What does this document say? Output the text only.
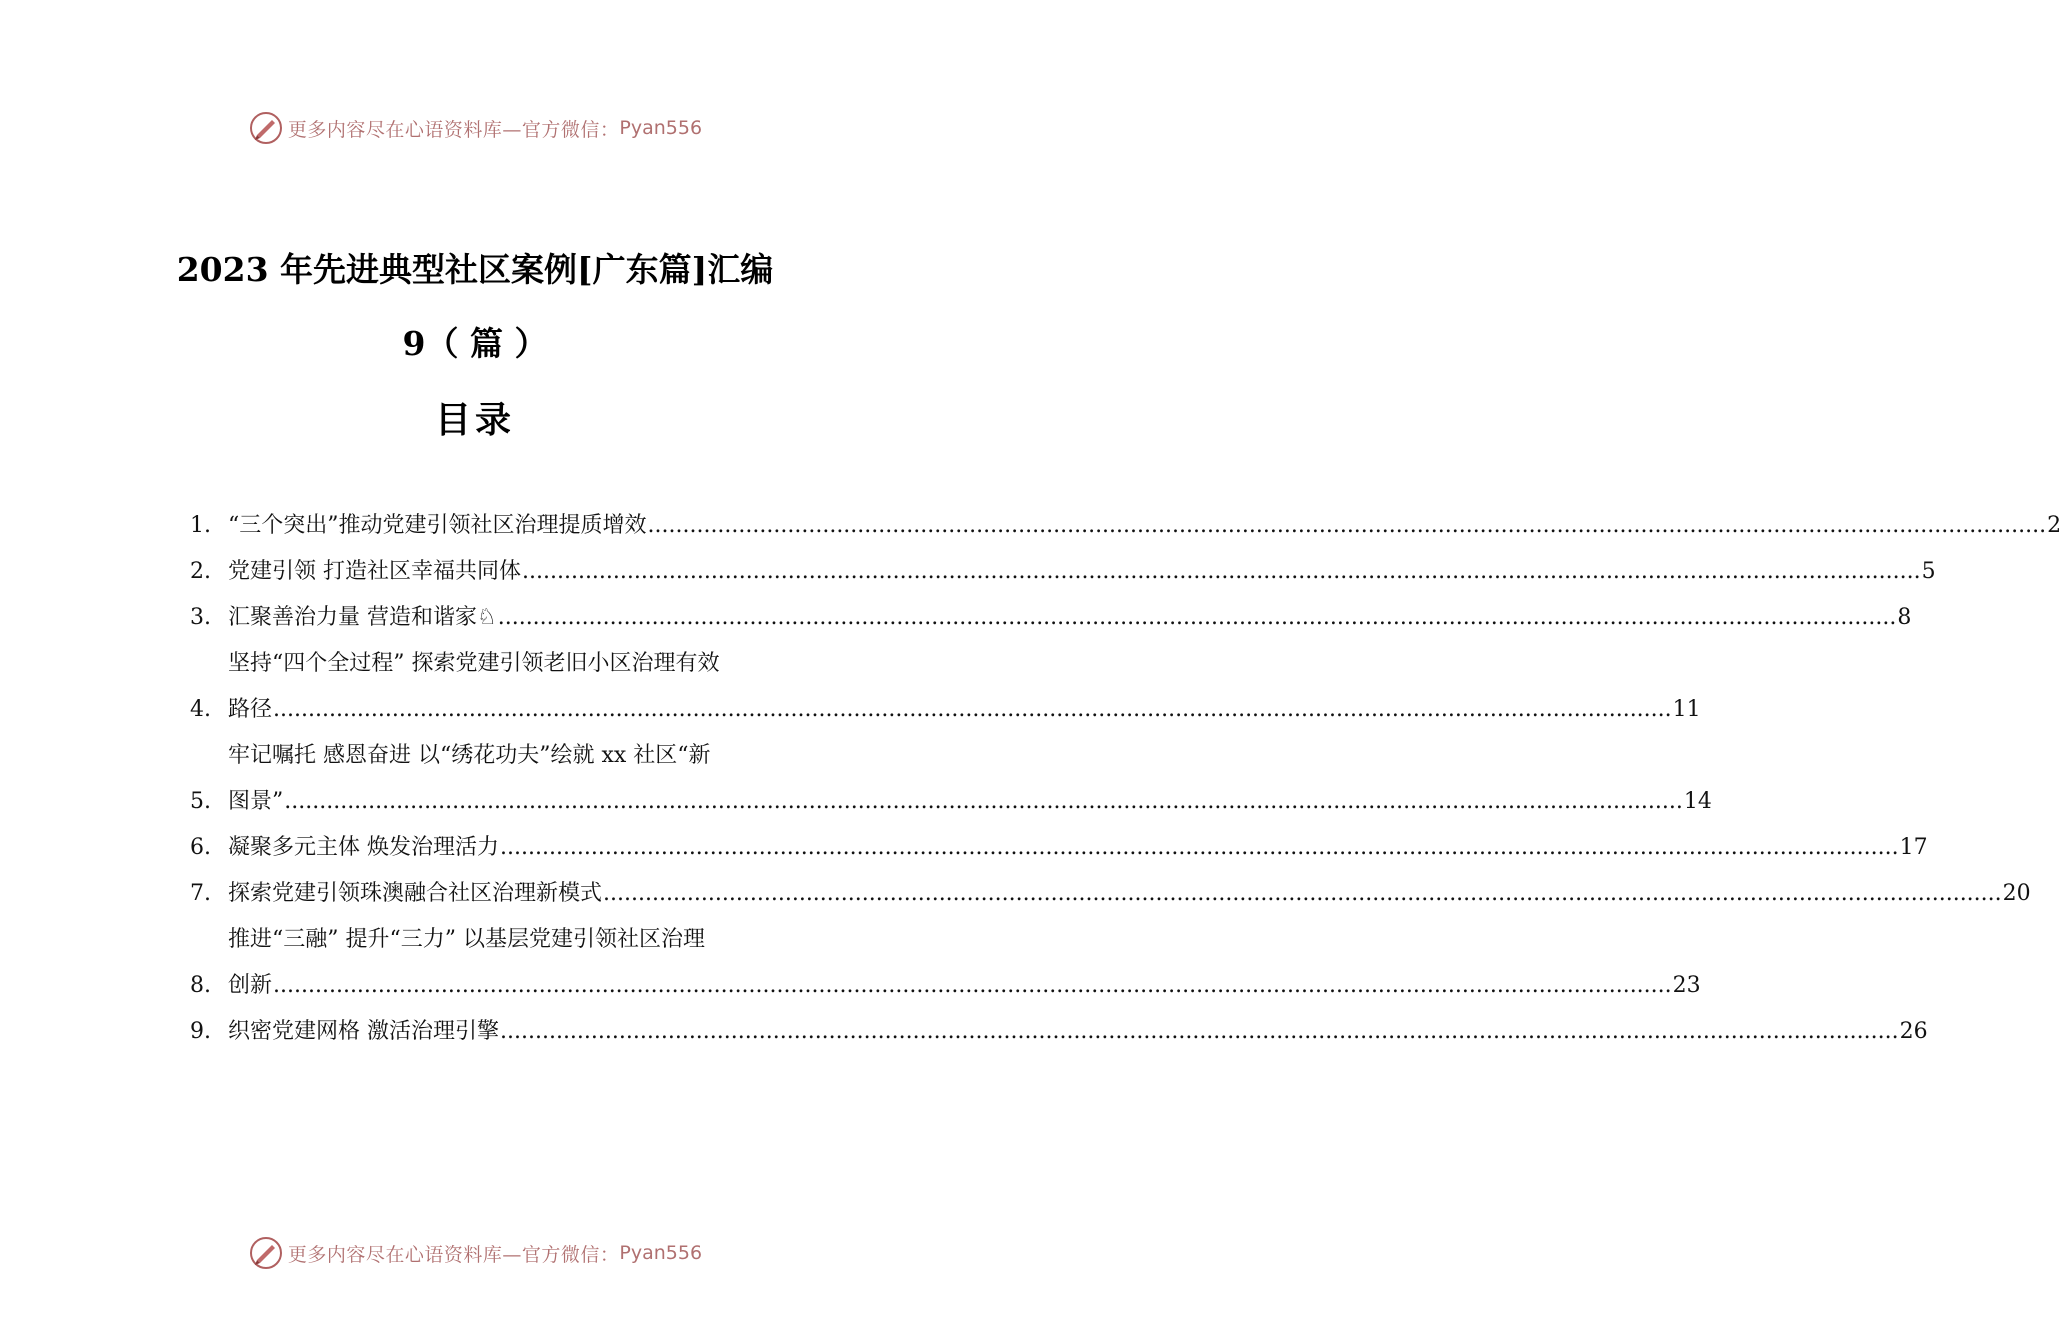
更多内容尽在心语资料库—官方微信： Pyan556
2023 年先进典型社区案例[广东篇]汇编
9（ 篇 ）
目录
1. “三个突出”推动党建引领社区治理提质增效 ........................................................................................................................................................................................................ 2
2. 党建引领 打造社区幸福共同体 ........................................................................................................................................................................................................ 5
3. 汇聚善治力量 营造和谐家♘ ........................................................................................................................................................................................................ 8
4.
坚持“四个全过程” 探索党建引领老旧小区治理有效
路径 ........................................................................................................................................................................................................ 11
5.
牢记嘱托 感恩奋进 以“绣花功夫”绘就 xx 社区“新
图景” ........................................................................................................................................................................................................ 14
6. 凝聚多元主体 焕发治理活力 ........................................................................................................................................................................................................ 17
7. 探索党建引领珠澳融合社区治理新模式 ........................................................................................................................................................................................................ 20
8.
推进“三融” 提升“三力” 以基层党建引领社区治理
创新 ........................................................................................................................................................................................................ 23
9. 织密党建网格 激活治理引擎 ........................................................................................................................................................................................................ 26
更多内容尽在心语资料库—官方微信： Pyan556
